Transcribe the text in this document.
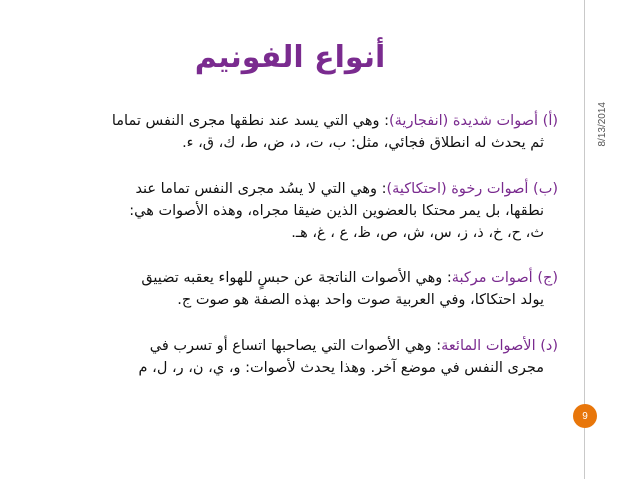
8/13/2014
9
أنواع الفونيم
(أ) أصوات شديدة (انفجارية): وهي التي يسد عند نطقها مجرى النفس تماما
ثم يحدث له انطلاق فجائي، مثل: ب، ت، د، ض، ط، ك، ق، ء.
(ب) أصوات رخوة (احتكاكية): وهي التي لا يسُد مجرى النفس تماما عند
نطقها، بل يمر محتكا بالعضوين الذين ضيقا مجراه، وهذه الأصوات هي:
ث، ح، خ، ذ، ز، س، ش، ص، ظ، ع ، غ، هـ.
(ج) أصوات مركبة: وهي الأصوات الناتجة عن حبسٍ للهواء يعقبه تضييق
يولد احتكاكا، وفي العربية صوت واحد بهذه الصفة هو صوت ج.
(د) الأصوات المائعة: وهي الأصوات التي يصاحبها اتساع أو تسرب في
مجرى النفس في موضع آخر. وهذا يحدث لأصوات: و، ي، ن، ر، ل، م
